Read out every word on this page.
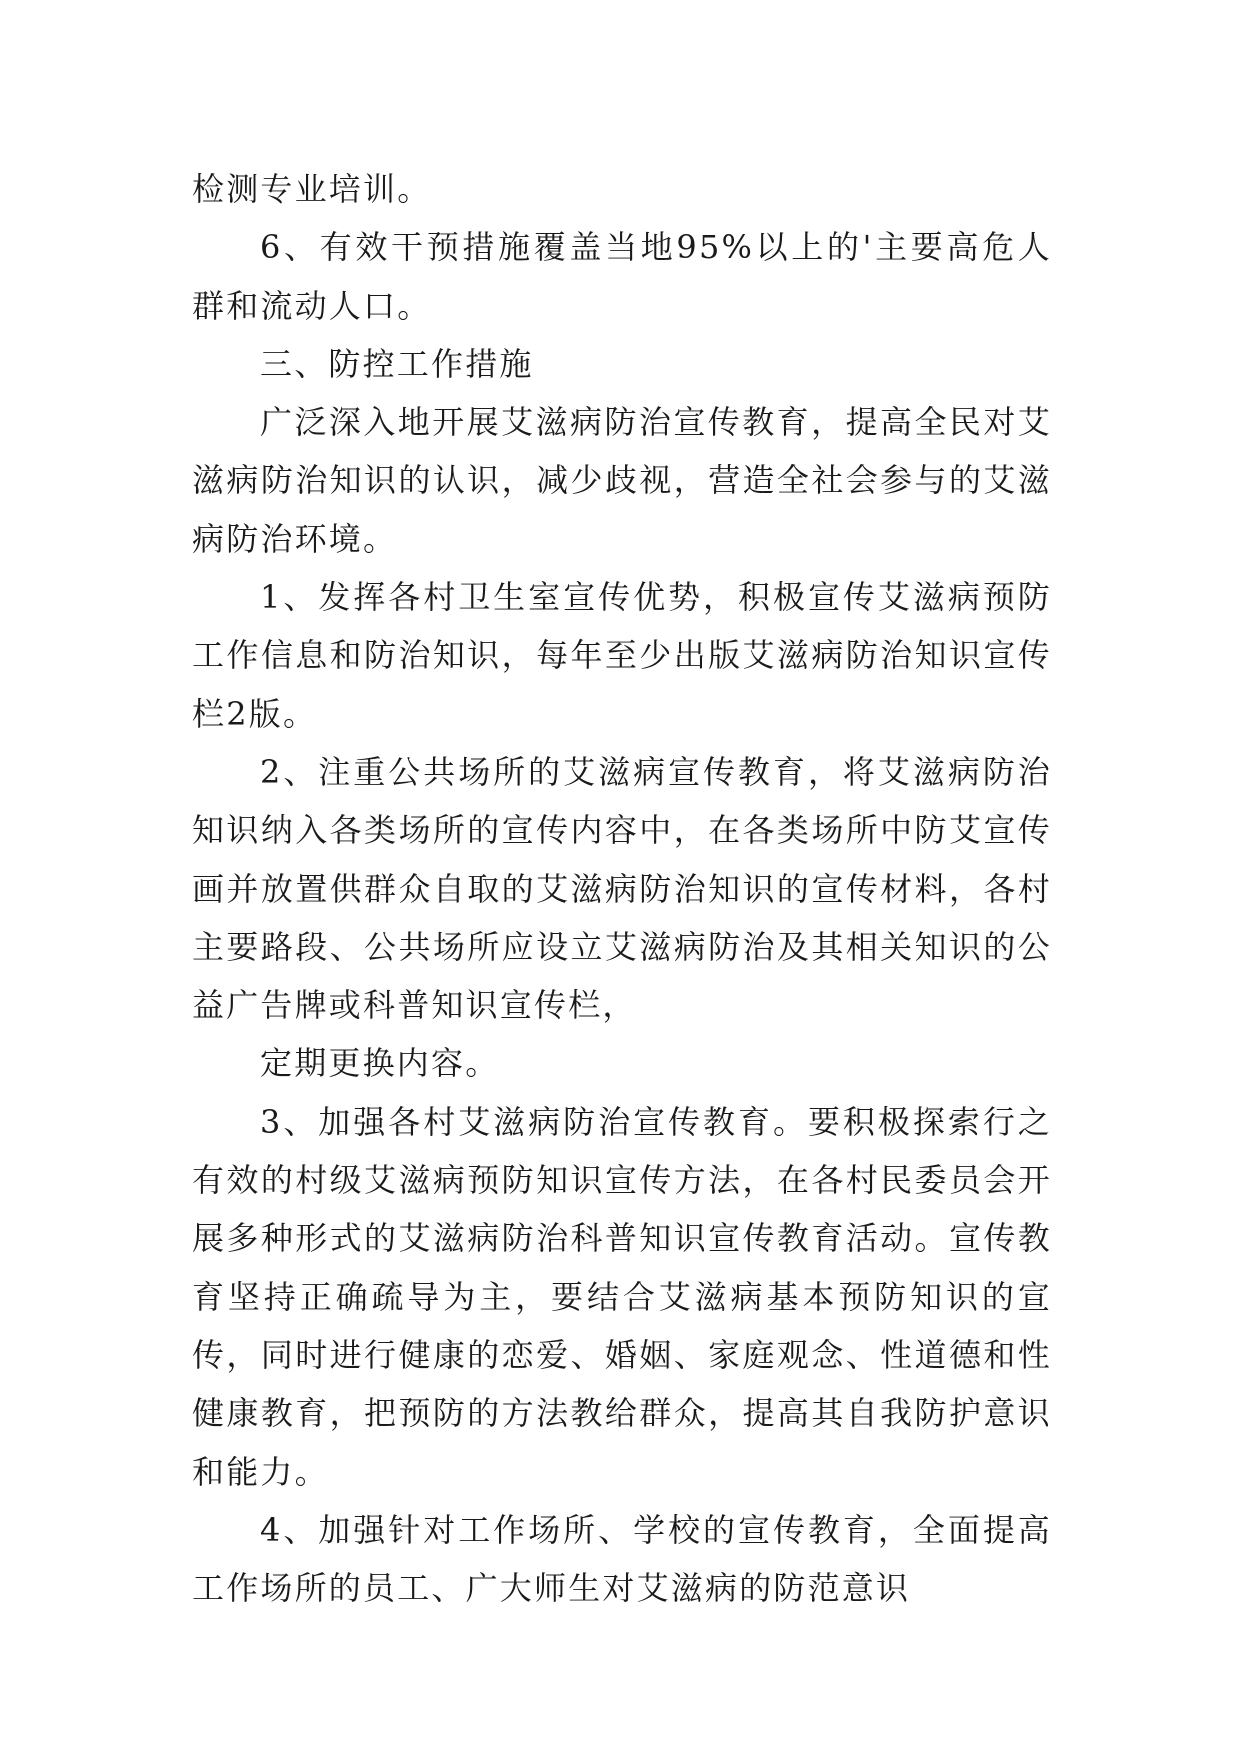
检测专业培训。

6、有效干预措施覆盖当地95%以上的'主要高危人群和流动人口。

三、防控工作措施

广泛深入地开展艾滋病防治宣传教育，提高全民对艾滋病防治知识的认识，减少歧视，营造全社会参与的艾滋病防治环境。

1、发挥各村卫生室宣传优势，积极宣传艾滋病预防工作信息和防治知识，每年至少出版艾滋病防治知识宣传栏2版。

2、注重公共场所的艾滋病宣传教育，将艾滋病防治知识纳入各类场所的宣传内容中，在各类场所中防艾宣传画并放置供群众自取的艾滋病防治知识的宣传材料，各村主要路段、公共场所应设立艾滋病防治及其相关知识的公益广告牌或科普知识宣传栏，

定期更换内容。

3、加强各村艾滋病防治宣传教育。要积极探索行之有效的村级艾滋病预防知识宣传方法，在各村民委员会开展多种形式的艾滋病防治科普知识宣传教育活动。宣传教育坚持正确疏导为主，要结合艾滋病基本预防知识的宣传，同时进行健康的恋爱、婚姻、家庭观念、性道德和性健康教育，把预防的方法教给群众，提高其自我防护意识和能力。

4、加强针对工作场所、学校的宣传教育，全面提高工作场所的员工、广大师生对艾滋病的防范意识
